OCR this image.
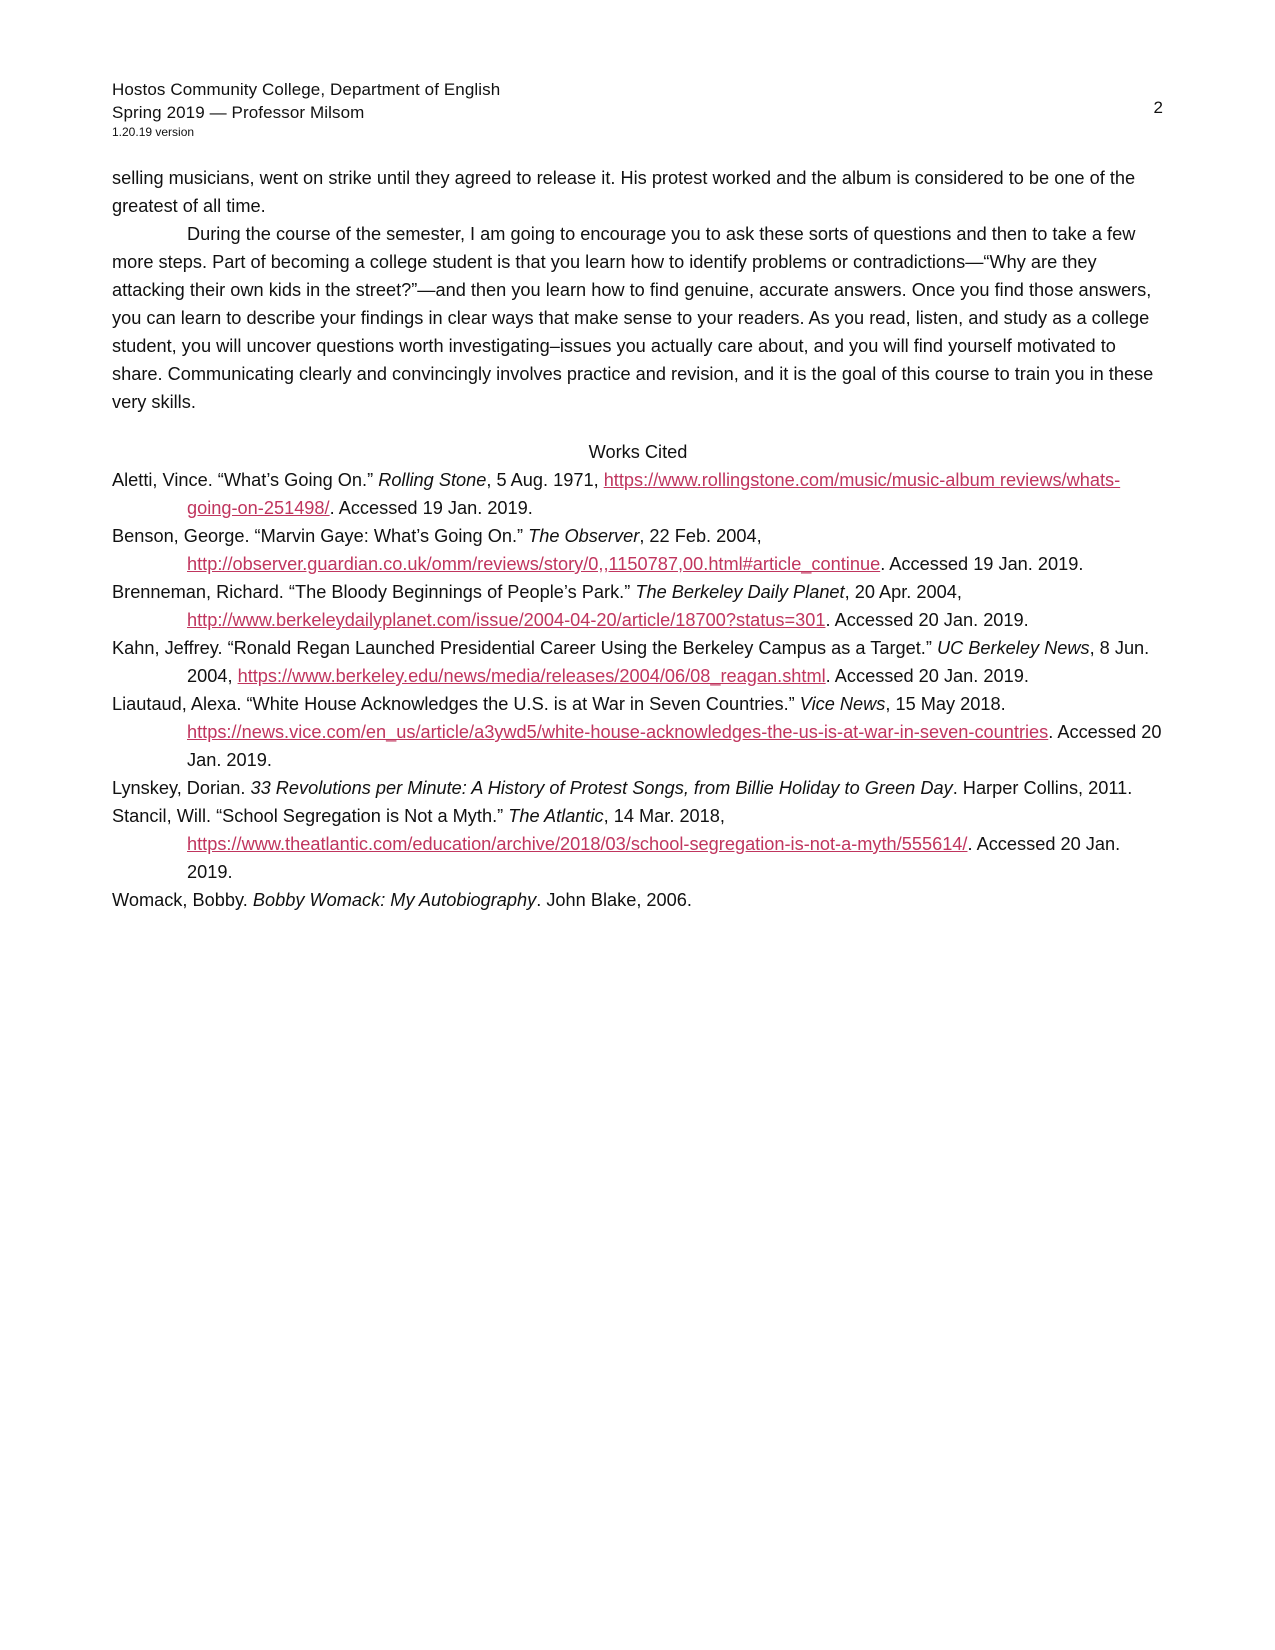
Hostos Community College, Department of English
Spring 2019 — Professor Milsom
1.20.19 version
2

selling musicians, went on strike until they agreed to release it. His protest worked and the album is considered to be one of the greatest of all time.

During the course of the semester, I am going to encourage you to ask these sorts of questions and then to take a few more steps. Part of becoming a college student is that you learn how to identify problems or contradictions—“Why are they attacking their own kids in the street?”—and then you learn how to find genuine, accurate answers. Once you find those answers, you can learn to describe your findings in clear ways that make sense to your readers. As you read, listen, and study as a college student, you will uncover questions worth investigating–issues you actually care about, and you will find yourself motivated to share. Communicating clearly and convincingly involves practice and revision, and it is the goal of this course to train you in these very skills.

Works Cited
Aletti, Vince. “What’s Going On.” Rolling Stone, 5 Aug. 1971, https://www.rollingstone.com/music/music-album reviews/whats-going-on-251498/. Accessed 19 Jan. 2019.
Benson, George. “Marvin Gaye: What’s Going On.” The Observer, 22 Feb. 2004, http://observer.guardian.co.uk/omm/reviews/story/0,,1150787,00.html#article_continue. Accessed 19 Jan. 2019.
Brenneman, Richard. “The Bloody Beginnings of People’s Park.” The Berkeley Daily Planet, 20 Apr. 2004, http://www.berkeleydailyplanet.com/issue/2004-04-20/article/18700?status=301. Accessed 20 Jan. 2019.
Kahn, Jeffrey. “Ronald Regan Launched Presidential Career Using the Berkeley Campus as a Target.” UC Berkeley News, 8 Jun. 2004, https://www.berkeley.edu/news/media/releases/2004/06/08_reagan.shtml. Accessed 20 Jan. 2019.
Liautaud, Alexa. “White House Acknowledges the U.S. is at War in Seven Countries.” Vice News, 15 May 2018. https://news.vice.com/en_us/article/a3ywd5/white-house-acknowledges-the-us-is-at-war-in-seven-countries. Accessed 20 Jan. 2019.
Lynskey, Dorian. 33 Revolutions per Minute: A History of Protest Songs, from Billie Holiday to Green Day. Harper Collins, 2011.
Stancil, Will. “School Segregation is Not a Myth.” The Atlantic, 14 Mar. 2018, https://www.theatlantic.com/education/archive/2018/03/school-segregation-is-not-a-myth/555614/. Accessed 20 Jan. 2019.
Womack, Bobby. Bobby Womack: My Autobiography. John Blake, 2006.
